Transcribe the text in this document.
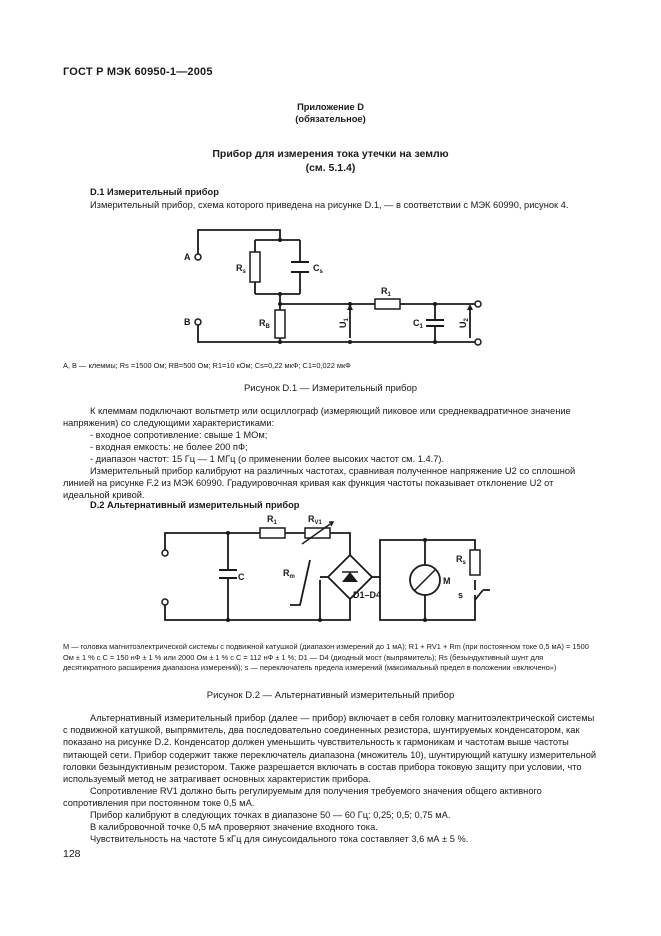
ГОСТ Р МЭК 60950-1—2005
Приложение D
(обязательное)
Прибор для измерения тока утечки на землю
(см. 5.1.4)
D.1 Измерительный прибор
Измерительный прибор, схема которого приведена на рисунке D.1, — в соответствии с МЭК 60990, рисунок 4.
A
B
$R_s$	$C_s$
$R_1$
$R_B$	$C_1$
$U_1$
$U_2$
А, В — клеммы; Rs =1500 Ом; RB=500 Ом; R1=10 кОм; Cs=0,22 мкФ; C1=0,022 мкФ
Рисунок D.1 — Измерительный прибор
К клеммам подключают вольтметр или осциллограф (измеряющий пиковое или среднеквадратичное значение напряжения) со следующими характеристиками:
- входное сопротивление: свыше 1 МОм;
- входная емкость: не более 200 пФ;
- диапазон частот: 15 Гц — 1 МГц (о применении более высоких частот см. 1.4.7).
Измерительный прибор калибруют на различных частотах, сравнивая полученное напряжение U2 со сплошной линией на рисунке F.2 из МЭК 60990. Градуировочная кривая как функция частоты показывает отклонение U2 от идеальной кривой.
D.2 Альтернативный измерительный прибор
$R_1$	$R_{V1}$
C	$R_m$
D1–D4
M
$R_s$
s
M — головка магнитоэлектрической системы с подвижной катушкой (диапазон измерений до 1 мА); R1 + RV1 + Rm (при постоянном токе 0,5 мА) = 1500 Ом ± 1 % с C = 150 нФ ± 1 % или 2000 Ом ± 1 % с C = 112 нФ ± 1 %; D1 — D4 (диодный мост (выпрямитель); Rs (безындуктивный шунт для десятикратного расширения диапазона измерений); s — переключатель предела измерений (максимальный предел в положении «включено»)
Рисунок D.2 — Альтернативный измерительный прибор
Альтернативный измерительный прибор (далее — прибор) включает в себя головку магнитоэлектрической системы с подвижной катушкой, выпрямитель, два последовательно соединенных резистора, шунтируемых конденсатором, как показано на рисунке D.2. Конденсатор должен уменьшить чувствительность к гармоникам и частотам выше частоты питающей сети. Прибор содержит также переключатель диапазона (множитель 10), шунтирующий катушку измерительной головки безындуктивным резистором. Также разрешается включать в состав прибора токовую защиту при условии, что используемый метод не затрагивает основных характеристик прибора.
Сопротивление RV1 должно быть регулируемым для получения требуемого значения общего активного сопротивления при постоянном токе 0,5 мА.
Прибор калибруют в следующих точках в диапазоне 50 — 60 Гц: 0,25; 0,5; 0,75 мА.
В калибровочной точке 0,5 мА проверяют значение входного тока.
Чувствительность на частоте 5 кГц для синусоидального тока составляет 3,6 мА ± 5 %.
128
